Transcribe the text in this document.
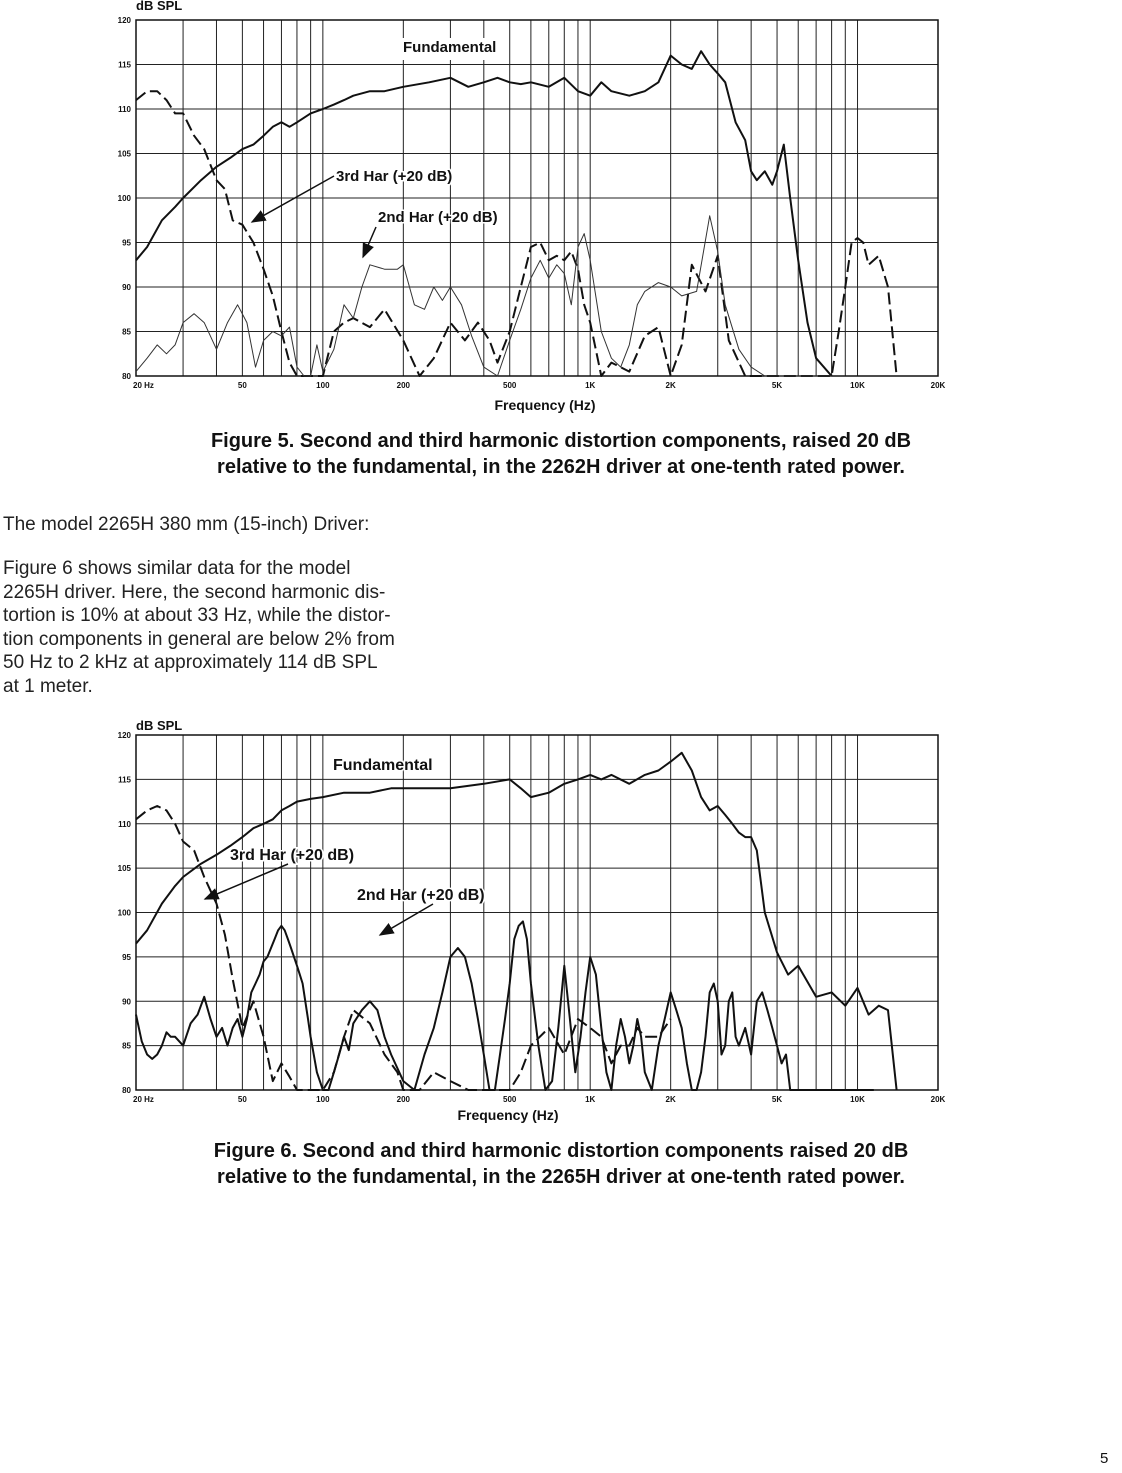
80
85
90
95
100
105
110
115
120
20 Hz	50	100	200	500	1K	2K	5K	10K	20K
dB SPL
Frequency (Hz)
Fundamental
3rd Har (+20 dB)
2nd Har (+20 dB)
Figure 5. Second and third harmonic distortion components, raised 20 dB
relative to the fundamental, in the 2262H driver at one-tenth rated power.
The model 2265H 380 mm (15-inch) Driver:
Figure 6 shows similar data for the model
2265H driver. Here, the second harmonic dis-
tortion is 10% at about 33 Hz, while the distor-
tion components in general are below 2% from
50 Hz to 2 kHz at approximately 114 dB SPL
at 1 meter.
80
85
90
95
100
105
110
115
120
20 Hz	50	100	200	500	1K	2K	5K	10K	20K
dB SPL
Frequency (Hz)
Fundamental
3rd Har (+20 dB)
2nd Har (+20 dB)
Figure 6. Second and third harmonic distortion components raised 20 dB
relative to the fundamental, in the 2265H driver at one-tenth rated power.
5
